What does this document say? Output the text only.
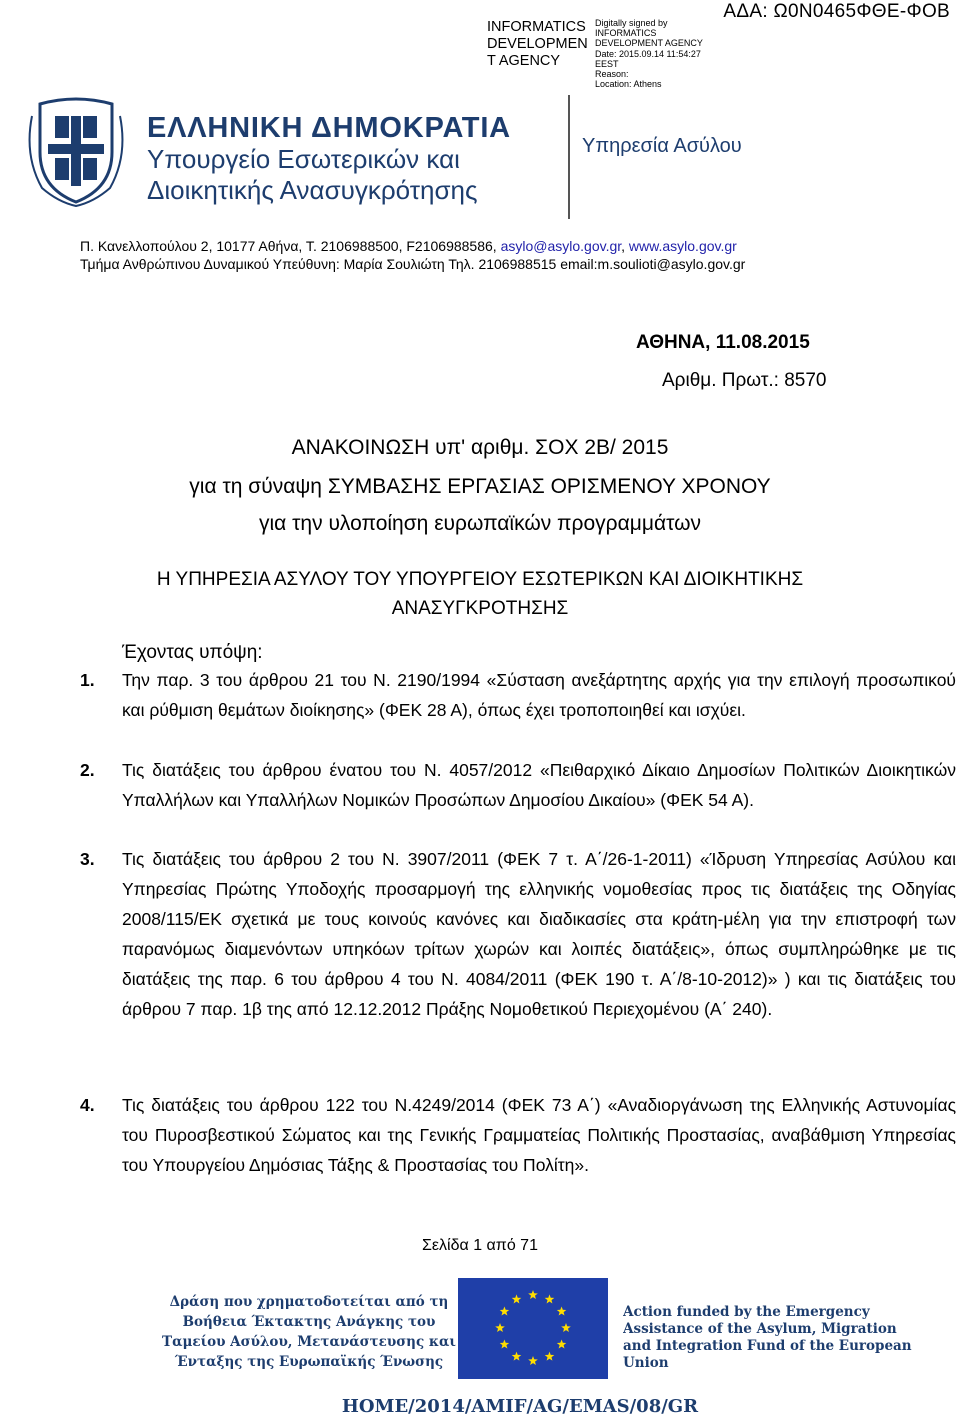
INFORMATICS
DEVELOPMEN
T AGENCY
Digitally signed by
INFORMATICS
DEVELOPMENT AGENCY
Date: 2015.09.14 11:54:27
EEST
Reason:
Location: Athens
ΑΔΑ: Ω0Ν0465ΦΘΕ-ΦΟΒ
ΕΛΛΗΝΙΚΗ ΔΗΜΟΚΡΑΤΙΑ
Υπουργείο Εσωτερικών και
Διοικητικής Ανασυγκρότησης
Υπηρεσία Ασύλου
Π. Κανελλοπούλου 2, 10177 Αθήνα, Τ. 2106988500, F2106988586, asylo@asylo.gov.gr, www.asylo.gov.gr
Τμήμα Ανθρώπινου Δυναμικού Υπεύθυνη: Μαρία Σουλιώτη Τηλ. 2106988515 email:m.soulioti@asylo.gov.gr
ΑΘΗΝΑ, 11.08.2015
Αριθμ. Πρωτ.: 8570
ΑΝΑΚΟΙΝΩΣΗ υπ' αριθμ. ΣΟΧ 2Β/ 2015
για τη σύναψη ΣΥΜΒΑΣΗΣ ΕΡΓΑΣΙΑΣ ΟΡΙΣΜΕΝΟΥ ΧΡΟΝΟΥ
για την υλοποίηση ευρωπαϊκών προγραμμάτων
Η ΥΠΗΡΕΣΙΑ ΑΣΥΛΟΥ ΤΟΥ ΥΠΟΥΡΓΕΙΟΥ ΕΣΩΤΕΡΙΚΩΝ ΚΑΙ ΔΙΟΙΚΗΤΙΚΗΣ
ΑΝΑΣΥΓΚΡΟΤΗΣΗΣ
Έχοντας υπόψη:
1.	Την παρ. 3 του άρθρου 21 του Ν. 2190/1994 «Σύσταση ανεξάρτητης αρχής για την επιλογή προσωπικού και ρύθμιση θεμάτων διοίκησης» (ΦΕΚ 28 Α), όπως έχει τροποποιηθεί και ισχύει.
2.	Τις διατάξεις του άρθρου ένατου του Ν. 4057/2012 «Πειθαρχικό Δίκαιο Δημοσίων Πολιτικών Διοικητικών Υπαλλήλων και Υπαλλήλων Νομικών Προσώπων Δημοσίου Δικαίου» (ΦΕΚ 54 Α).
3.	Τις διατάξεις του άρθρου 2 του Ν. 3907/2011 (ΦΕΚ 7 τ. Α΄/26-1-2011) «Ίδρυση Υπηρεσίας Ασύλου και Υπηρεσίας Πρώτης Υποδοχής προσαρμογή της ελληνικής νομοθεσίας προς τις διατάξεις της Οδηγίας 2008/115/ΕΚ σχετικά με τους κοινούς κανόνες και διαδικασίες στα κράτη-μέλη για την επιστροφή των παρανόμως διαμενόντων υπηκόων τρίτων χωρών και λοιπές διατάξεις», όπως συμπληρώθηκε με τις διατάξεις της παρ. 6 του άρθρου 4 του Ν. 4084/2011 (ΦΕΚ 190 τ. Α΄/8-10-2012)» ) και τις διατάξεις του άρθρου 7 παρ. 1β της από 12.12.2012 Πράξης Νομοθετικού Περιεχομένου (Α΄ 240).
4.	Τις διατάξεις του άρθρου 122 του Ν.4249/2014 (ΦΕΚ 73 Α΄) «Αναδιοργάνωση της Ελληνικής Αστυνομίας του Πυροσβεστικού Σώματος και της Γενικής Γραμματείας Πολιτικής Προστασίας, αναβάθμιση Υπηρεσίας του Υπουργείου Δημόσιας Τάξης & Προστασίας του Πολίτη».
Σελίδα 1 από 71
Δράση που χρηματοδοτείται από τη Βοήθεια Έκτακτης Ανάγκης του Ταμείου Ασύλου, Μετανάστευσης και Ένταξης της Ευρωπαϊκής Ένωσης
Action funded by the Emergency Assistance of the Asylum, Migration and Integration Fund of the European Union
HOME/2014/AMIF/AG/EMAS/08/GR
